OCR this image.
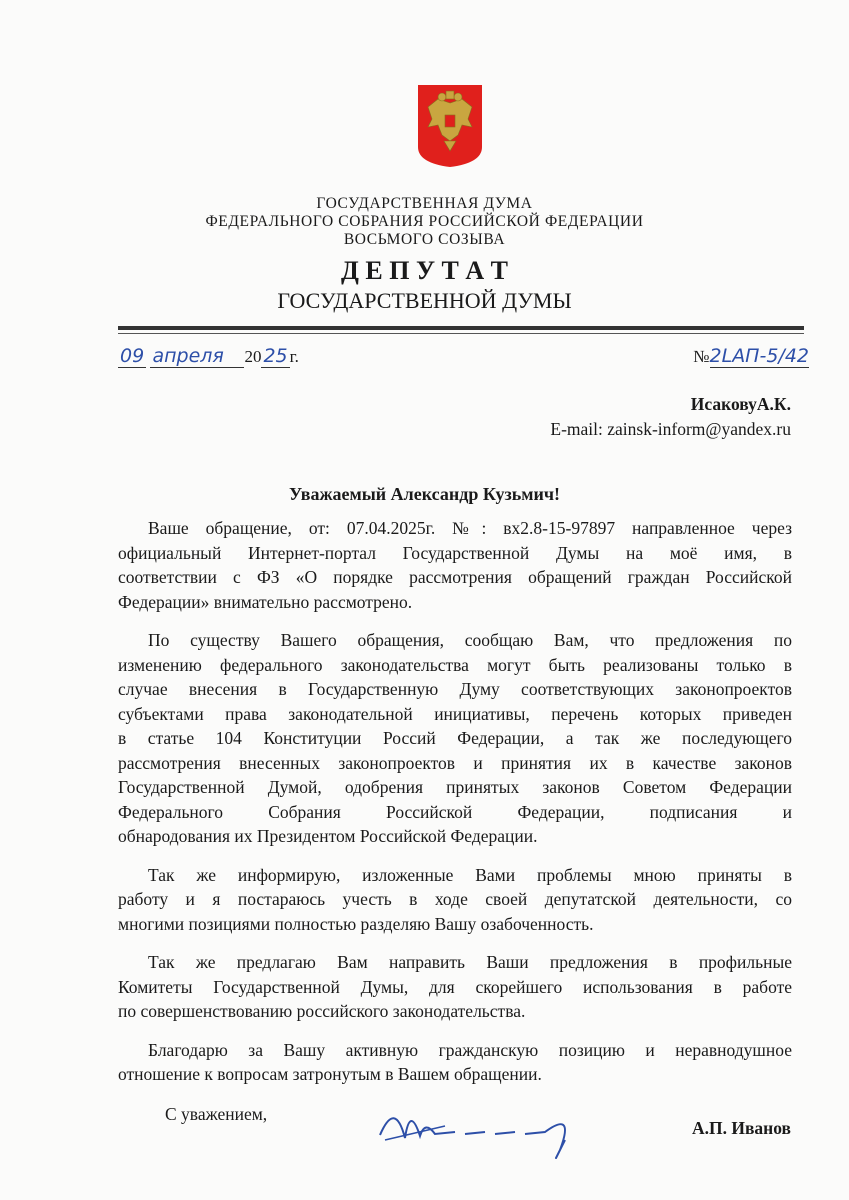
ГОСУДАРСТВЕННАЯ ДУМА
ФЕДЕРАЛЬНОГО СОБРАНИЯ РОССИЙСКОЙ ФЕДЕРАЦИИ
ВОСЬМОГО СОЗЫВА
Д Е П У Т А Т
ГОСУДАРСТВЕННОЙ ДУМЫ
09 апреля 20 25 г.	№2LАП-5/42
ИсаковуА.К.
E-mail: zainsk-inform@yandex.ru
Уважаемый Александр Кузьмич!
Ваше обращение, от: 07.04.2025г. №: вх2.8-15-97897 направленное через
официальный Интернет-портал Государственной Думы на моё имя, в
соответствии с ФЗ «О порядке рассмотрения обращений граждан Российской
Федерации» внимательно рассмотрено.
По существу Вашего обращения, сообщаю Вам, что предложения по
изменению федерального законодательства могут быть реализованы только в
случае внесения в Государственную Думу соответствующих законопроектов
субъектами права законодательной инициативы, перечень которых приведен
в статье 104 Конституции Россий Федерации, а так же последующего
рассмотрения внесенных законопроектов и принятия их в качестве законов
Государственной Думой, одобрения принятых законов Советом Федерации
Федерального Собрания Российской Федерации, подписания и
обнародования их Президентом Российской Федерации.
Так же информирую, изложенные Вами проблемы мною приняты в
работу и я постараюсь учесть в ходе своей депутатской деятельности, со
многими позициями полностью разделяю Вашу озабоченность.
Так же предлагаю Вам направить Ваши предложения в профильные
Комитеты Государственной Думы, для скорейшего использования в работе
по совершенствованию российского законодательства.
Благодарю за Вашу активную гражданскую позицию и неравнодушное
отношение к вопросам затронутым в Вашем обращении.
С уважением,
А.П. Иванов
